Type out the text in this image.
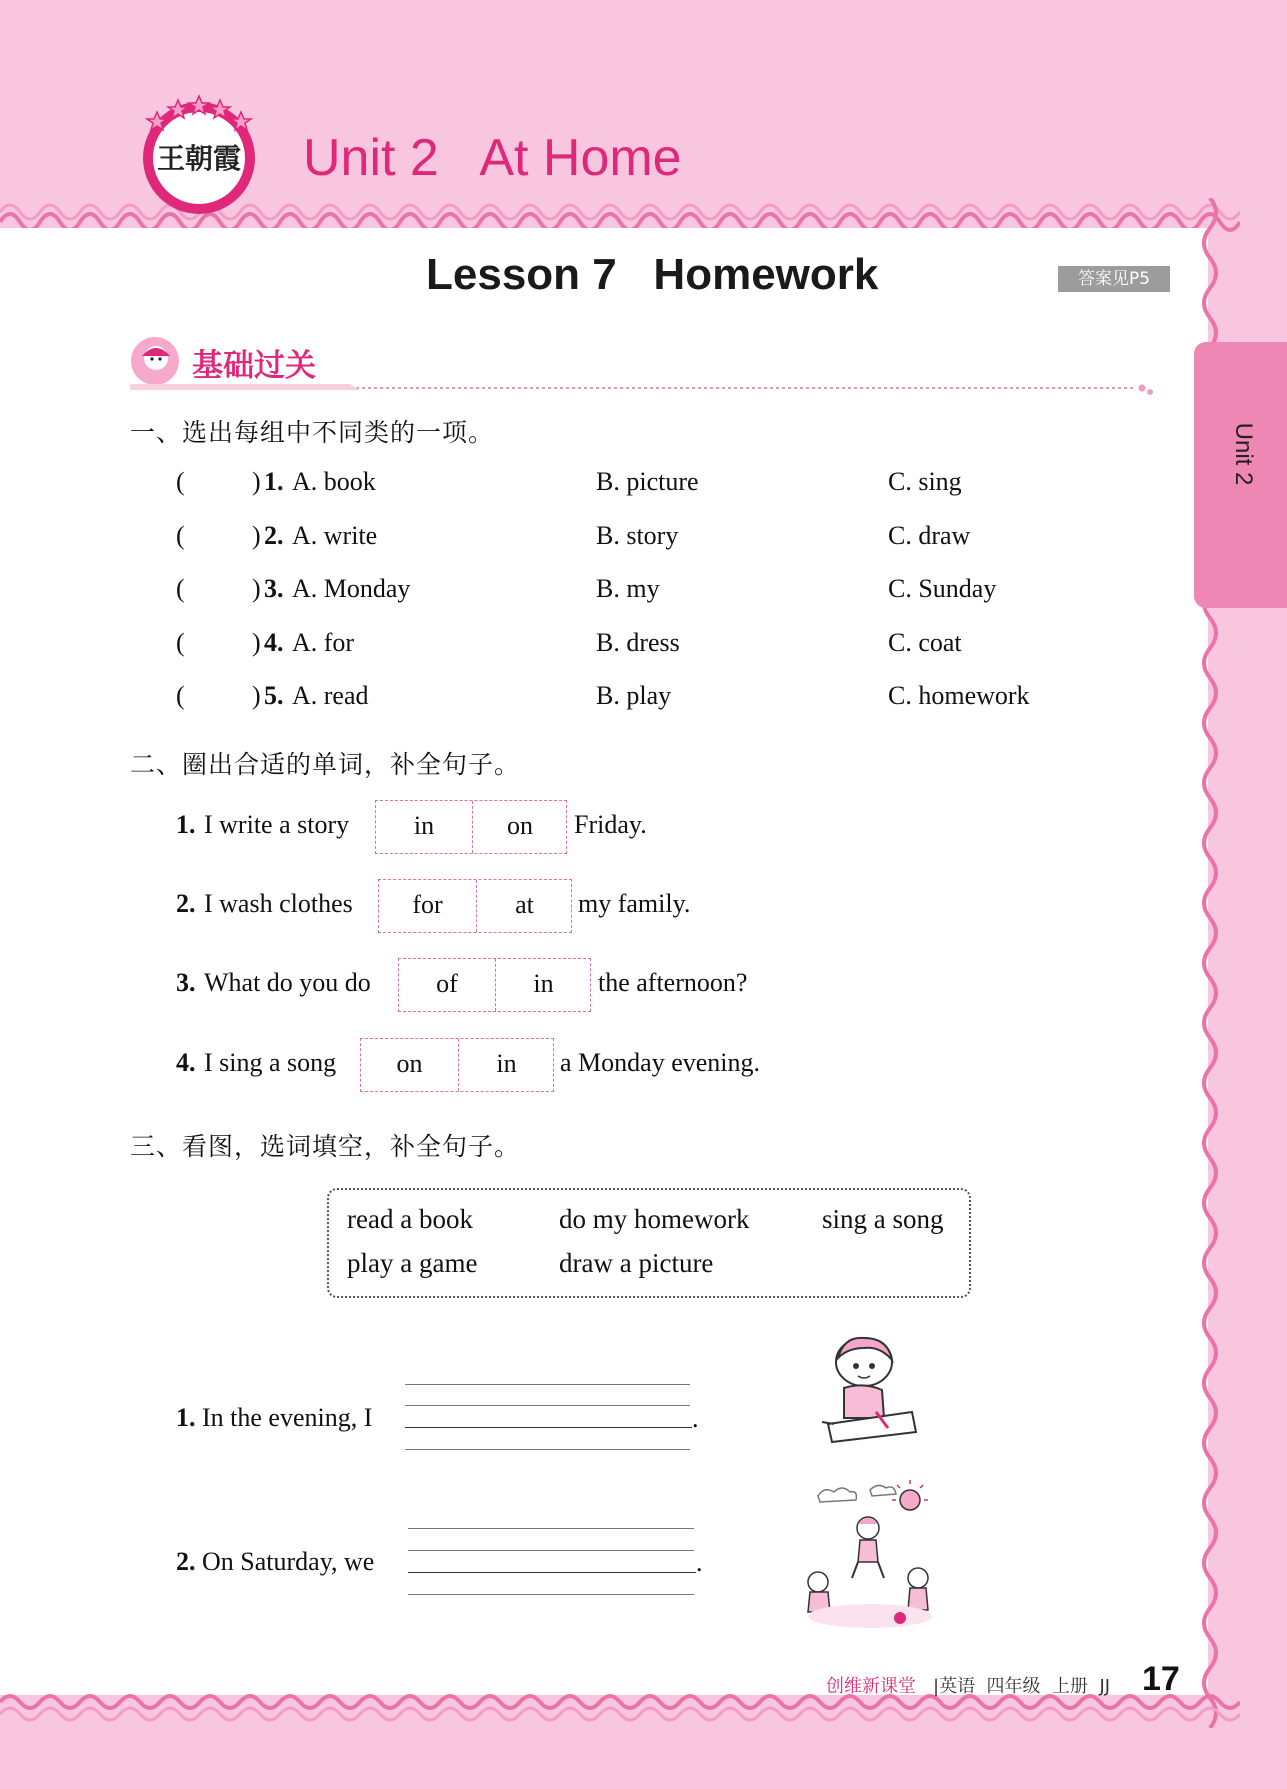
王朝霞 Unit 2   At Home
Lesson 7   Homework	答案见P5
基础过关
Unit 2
一、选出每组中不同类的一项。
(	) 1. A. book	B. picture	C. sing
(	) 2. A. write	B. story	C. draw
(	) 3. A. Monday	B. my	C. Sunday
(	) 4. A. for	B. dress	C. coat
(	) 5. A. read	B. play	C. homework
二、圈出合适的单词，补全句子。
1. I write a story	in	on	Friday.
2. I wash clothes	for	at	my family.
3. What do you do	of	in	the afternoon?
4. I sing a song	on	in	a Monday evening.
三、看图，选词填空，补全句子。
read a book	do my homework	sing a song
play a game	draw a picture
1. In the evening, I	.
2. On Saturday, we	.
创维新课堂 |英语 四年级 上册 JJ 17
